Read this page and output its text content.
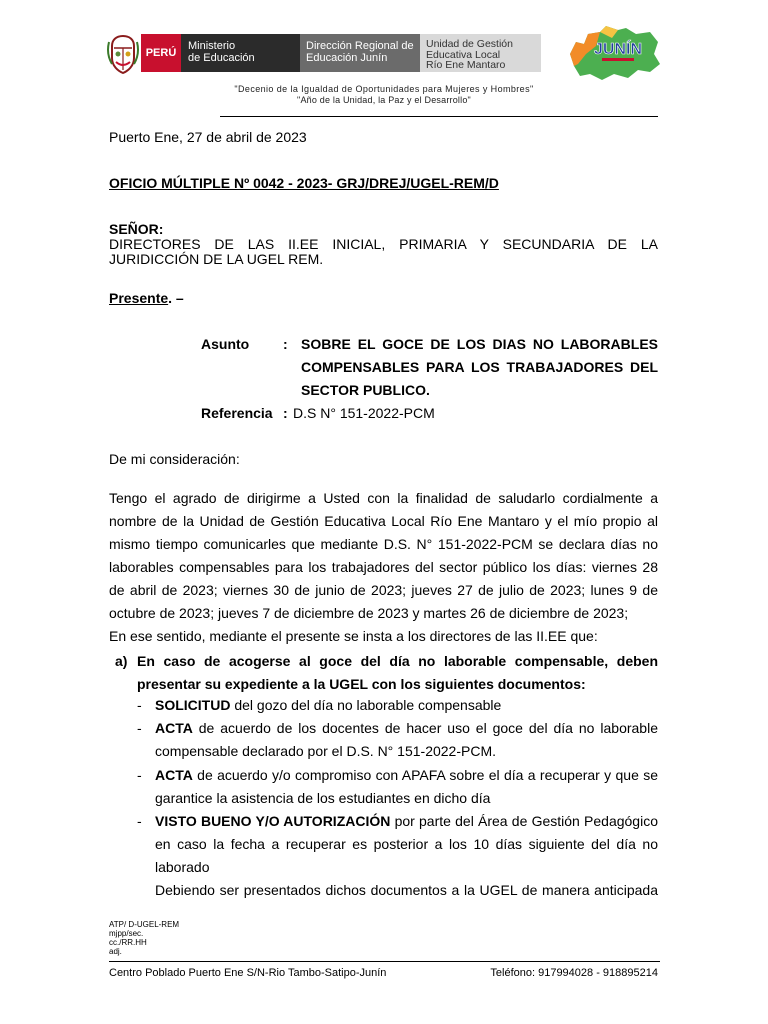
PERÚ
Ministerio
de Educación
Dirección Regional de
Educación Junín
Unidad de Gestión
Educativa Local
Río Ene Mantaro
JUNÍN
"Decenio de la Igualdad de Oportunidades para Mujeres y Hombres"
"Año de la Unidad, la Paz y el Desarrollo"
Puerto Ene, 27 de abril de 2023
OFICIO MÚLTIPLE Nº 0042 - 2023- GRJ/DREJ/UGEL-REM/D
SEÑOR:
DIRECTORES DE LAS II.EE INICIAL, PRIMARIA Y SECUNDARIA DE LA
JURIDICCIÓN DE LA UGEL REM.
Presente. –
Asunto : SOBRE EL GOCE DE LOS DIAS NO LABORABLES
COMPENSABLES PARA LOS TRABAJADORES DEL
SECTOR PUBLICO.
Referencia : D.S N° 151-2022-PCM
De mi consideración:
Tengo el agrado de dirigirme a Usted con la finalidad de saludarlo cordialmente a
nombre de la Unidad de Gestión Educativa Local Río Ene Mantaro y el mío propio al
mismo tiempo comunicarles que mediante D.S. N° 151-2022-PCM se declara días no
laborables compensables para los trabajadores del sector público los días: viernes 28
de abril de 2023; viernes 30 de junio de 2023; jueves 27 de julio de 2023; lunes 9 de
octubre de 2023; jueves 7 de diciembre de 2023 y martes 26 de diciembre de 2023;
En ese sentido, mediante el presente se insta a los directores de las II.EE que:
a) En caso de acogerse al goce del día no laborable compensable, deben
presentar su expediente a la UGEL con los siguientes documentos:
- SOLICITUD del gozo del día no laborable compensable
- ACTA de acuerdo de los docentes de hacer uso el goce del día no laborable
compensable declarado por el D.S. N° 151-2022-PCM.
- ACTA de acuerdo y/o compromiso con APAFA sobre el día a recuperar y que se
garantice la asistencia de los estudiantes en dicho día
- VISTO BUENO Y/O AUTORIZACIÓN por parte del Área de Gestión Pedagógico
en caso la fecha a recuperar es posterior a los 10 días siguiente del día no
laborado
Debiendo ser presentados dichos documentos a la UGEL de manera anticipada
ATP/ D-UGEL-REM
mjpp/sec.
cc./RR.HH
adj.
Centro Poblado Puerto Ene S/N-Rio Tambo-Satipo-Junín	Teléfono: 917994028 - 918895214
